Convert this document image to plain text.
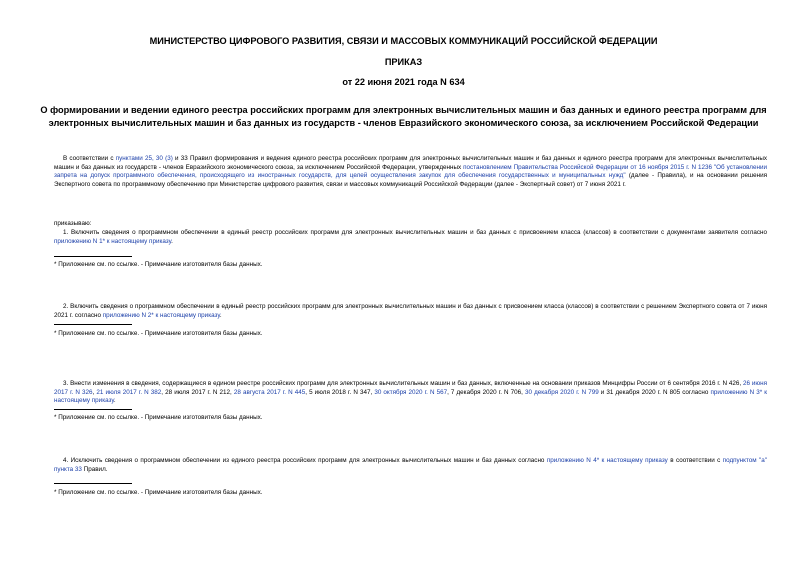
МИНИСТЕРСТВО ЦИФРОВОГО РАЗВИТИЯ, СВЯЗИ И МАССОВЫХ КОММУНИКАЦИЙ РОССИЙСКОЙ ФЕДЕРАЦИИ
ПРИКАЗ
от 22 июня 2021 года N 634
О формировании и ведении единого реестра российских программ для электронных вычислительных машин и баз данных и единого реестра программ для
электронных вычислительных машин и баз данных из государств - членов Евразийского экономического союза, за исключением Российской Федерации
В соответствии с пунктами 25, 30 (3) и 33 Правил формирования и ведения единого реестра российских программ для электронных вычислительных машин и баз данных и единого реестра программ для электронных вычислительных машин и баз данных из государств - членов Евразийского экономического союза, за исключением Российской Федерации, утвержденных постановлением Правительства Российской Федерации от 16 ноября 2015 г. N 1236 "Об установлении запрета на допуск программного обеспечения, происходящего из иностранных государств, для целей осуществления закупок для обеспечения государственных и муниципальных нужд" (далее - Правила), и на основании решения Экспертного совета по программному обеспечению при Министерстве цифрового развития, связи и массовых коммуникаций Российской Федерации (далее - Экспертный совет) от 7 июня 2021 г.
приказываю:
1. Включить сведения о программном обеспечении в единый реестр российских программ для электронных вычислительных машин и баз данных с присвоением класса (классов) в соответствии с документами заявителя согласно приложению N 1* к настоящему приказу.
* Приложение см. по ссылке. - Примечание изготовителя базы данных.
2. Включить сведения о программном обеспечении в единый реестр российских программ для электронных вычислительных машин и баз данных с присвоением класса (классов) в соответствии с решением Экспертного совета от 7 июня 2021 г. согласно приложению N 2* к настоящему приказу.
* Приложение см. по ссылке. - Примечание изготовителя базы данных.
3. Внести изменения в сведения, содержащиеся в едином реестре российских программ для электронных вычислительных машин и баз данных, включенные на основании приказов Минцифры России от 6 сентября 2016 г. N 426, 26 июня 2017 г. N 326, 21 июля 2017 г. N 382, 28 июля 2017 г. N 212, 28 августа 2017 г. N 445, 5 июля 2018 г. N 347, 30 октября 2020 г. N 567, 7 декабря 2020 г. N 706, 30 декабря 2020 г. N 799 и 31 декабря 2020 г. N 805 согласно приложению N 3* к настоящему приказу.
* Приложение см. по ссылке. - Примечание изготовителя базы данных.
4. Исключить сведения о программном обеспечении из единого реестра российских программ для электронных вычислительных машин и баз данных согласно приложению N 4* к настоящему приказу в соответствии с подпунктом "а" пункта 33 Правил.
* Приложение см. по ссылке. - Примечание изготовителя базы данных.
